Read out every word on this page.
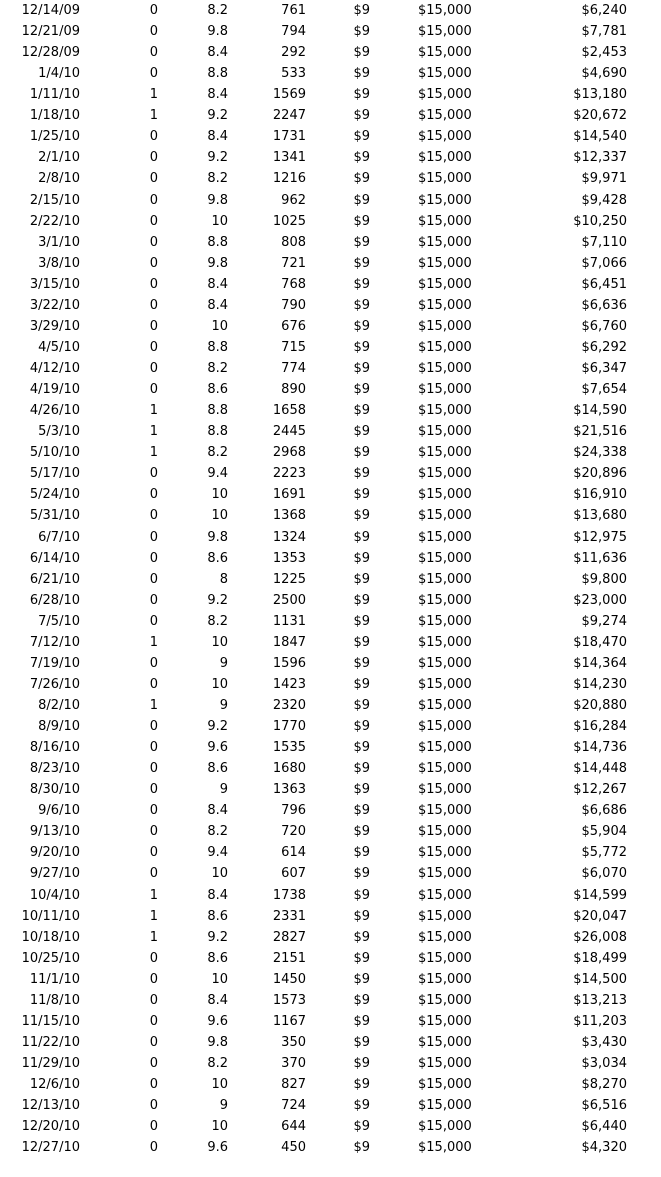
12/14/09	0	8.2	761	$9	$15,000	$6,240
12/21/09	0	9.8	794	$9	$15,000	$7,781
12/28/09	0	8.4	292	$9	$15,000	$2,453
1/4/10	0	8.8	533	$9	$15,000	$4,690
1/11/10	1	8.4	1569	$9	$15,000	$13,180
1/18/10	1	9.2	2247	$9	$15,000	$20,672
1/25/10	0	8.4	1731	$9	$15,000	$14,540
2/1/10	0	9.2	1341	$9	$15,000	$12,337
2/8/10	0	8.2	1216	$9	$15,000	$9,971
2/15/10	0	9.8	962	$9	$15,000	$9,428
2/22/10	0	10	1025	$9	$15,000	$10,250
3/1/10	0	8.8	808	$9	$15,000	$7,110
3/8/10	0	9.8	721	$9	$15,000	$7,066
3/15/10	0	8.4	768	$9	$15,000	$6,451
3/22/10	0	8.4	790	$9	$15,000	$6,636
3/29/10	0	10	676	$9	$15,000	$6,760
4/5/10	0	8.8	715	$9	$15,000	$6,292
4/12/10	0	8.2	774	$9	$15,000	$6,347
4/19/10	0	8.6	890	$9	$15,000	$7,654
4/26/10	1	8.8	1658	$9	$15,000	$14,590
5/3/10	1	8.8	2445	$9	$15,000	$21,516
5/10/10	1	8.2	2968	$9	$15,000	$24,338
5/17/10	0	9.4	2223	$9	$15,000	$20,896
5/24/10	0	10	1691	$9	$15,000	$16,910
5/31/10	0	10	1368	$9	$15,000	$13,680
6/7/10	0	9.8	1324	$9	$15,000	$12,975
6/14/10	0	8.6	1353	$9	$15,000	$11,636
6/21/10	0	8	1225	$9	$15,000	$9,800
6/28/10	0	9.2	2500	$9	$15,000	$23,000
7/5/10	0	8.2	1131	$9	$15,000	$9,274
7/12/10	1	10	1847	$9	$15,000	$18,470
7/19/10	0	9	1596	$9	$15,000	$14,364
7/26/10	0	10	1423	$9	$15,000	$14,230
8/2/10	1	9	2320	$9	$15,000	$20,880
8/9/10	0	9.2	1770	$9	$15,000	$16,284
8/16/10	0	9.6	1535	$9	$15,000	$14,736
8/23/10	0	8.6	1680	$9	$15,000	$14,448
8/30/10	0	9	1363	$9	$15,000	$12,267
9/6/10	0	8.4	796	$9	$15,000	$6,686
9/13/10	0	8.2	720	$9	$15,000	$5,904
9/20/10	0	9.4	614	$9	$15,000	$5,772
9/27/10	0	10	607	$9	$15,000	$6,070
10/4/10	1	8.4	1738	$9	$15,000	$14,599
10/11/10	1	8.6	2331	$9	$15,000	$20,047
10/18/10	1	9.2	2827	$9	$15,000	$26,008
10/25/10	0	8.6	2151	$9	$15,000	$18,499
11/1/10	0	10	1450	$9	$15,000	$14,500
11/8/10	0	8.4	1573	$9	$15,000	$13,213
11/15/10	0	9.6	1167	$9	$15,000	$11,203
11/22/10	0	9.8	350	$9	$15,000	$3,430
11/29/10	0	8.2	370	$9	$15,000	$3,034
12/6/10	0	10	827	$9	$15,000	$8,270
12/13/10	0	9	724	$9	$15,000	$6,516
12/20/10	0	10	644	$9	$15,000	$6,440
12/27/10	0	9.6	450	$9	$15,000	$4,320
